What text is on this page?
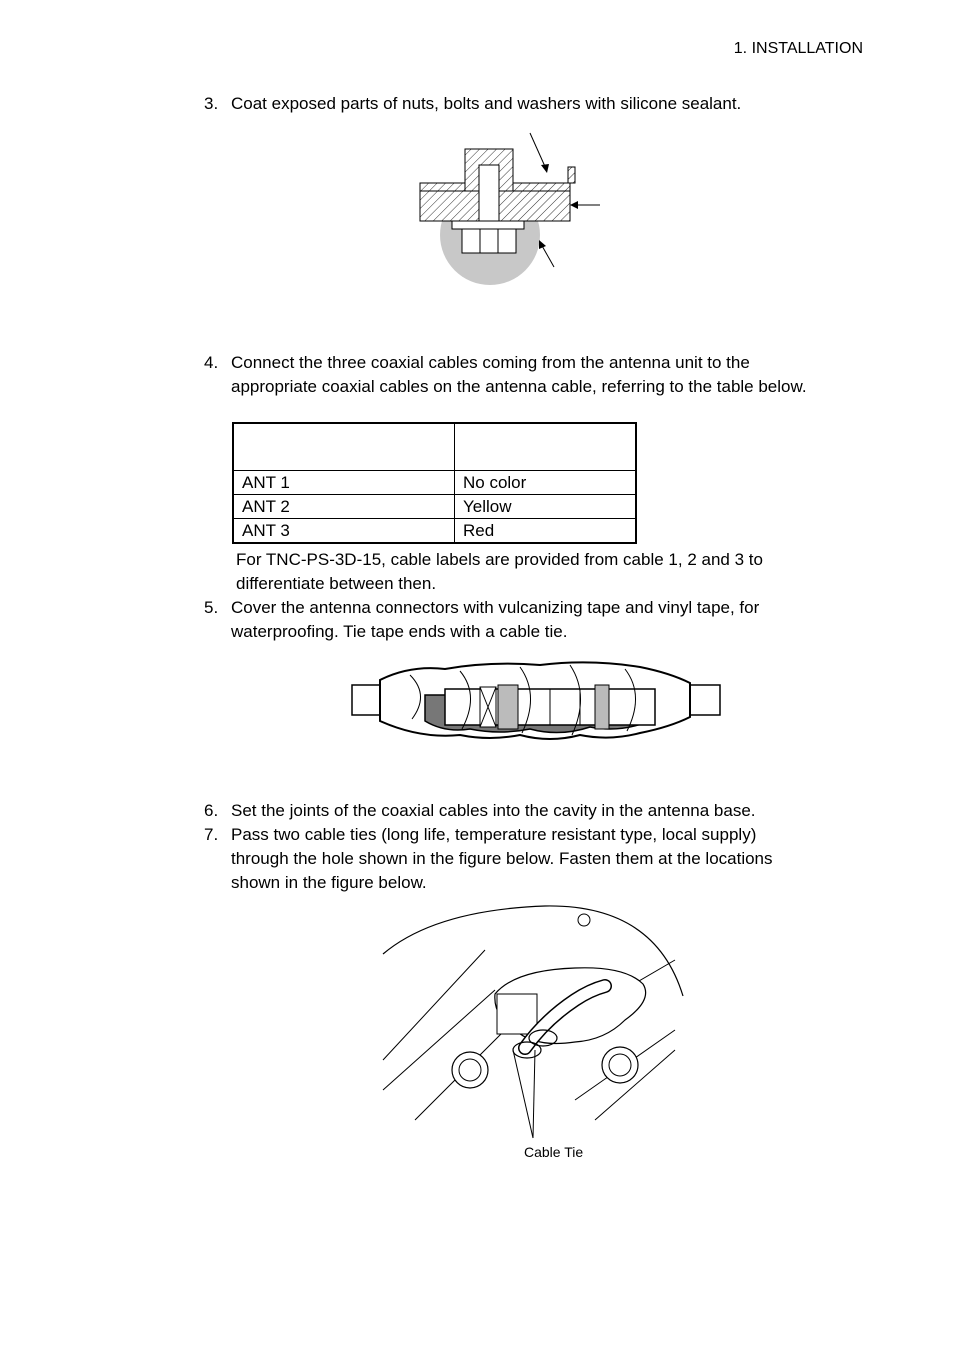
1. INSTALLATION
3. Coat exposed parts of nuts, bolts and washers with silicone sealant.
4. Connect the three coaxial cables coming from the antenna unit to the
appropriate coaxial cables on the antenna cable, referring to the table below.

ANT 1	No color
ANT 2	Yellow
ANT 3	Red
For TNC-PS-3D-15, cable labels are provided from cable 1, 2 and 3 to
differentiate between then.
5. Cover the antenna connectors with vulcanizing tape and vinyl tape, for
waterproofing. Tie tape ends with a cable tie.
6. Set the joints of the coaxial cables into the cavity in the antenna base.
7. Pass two cable ties (long life, temperature resistant type, local supply)
through the hole shown in the figure below. Fasten them at the locations
shown in the figure below.
Cable Tie
